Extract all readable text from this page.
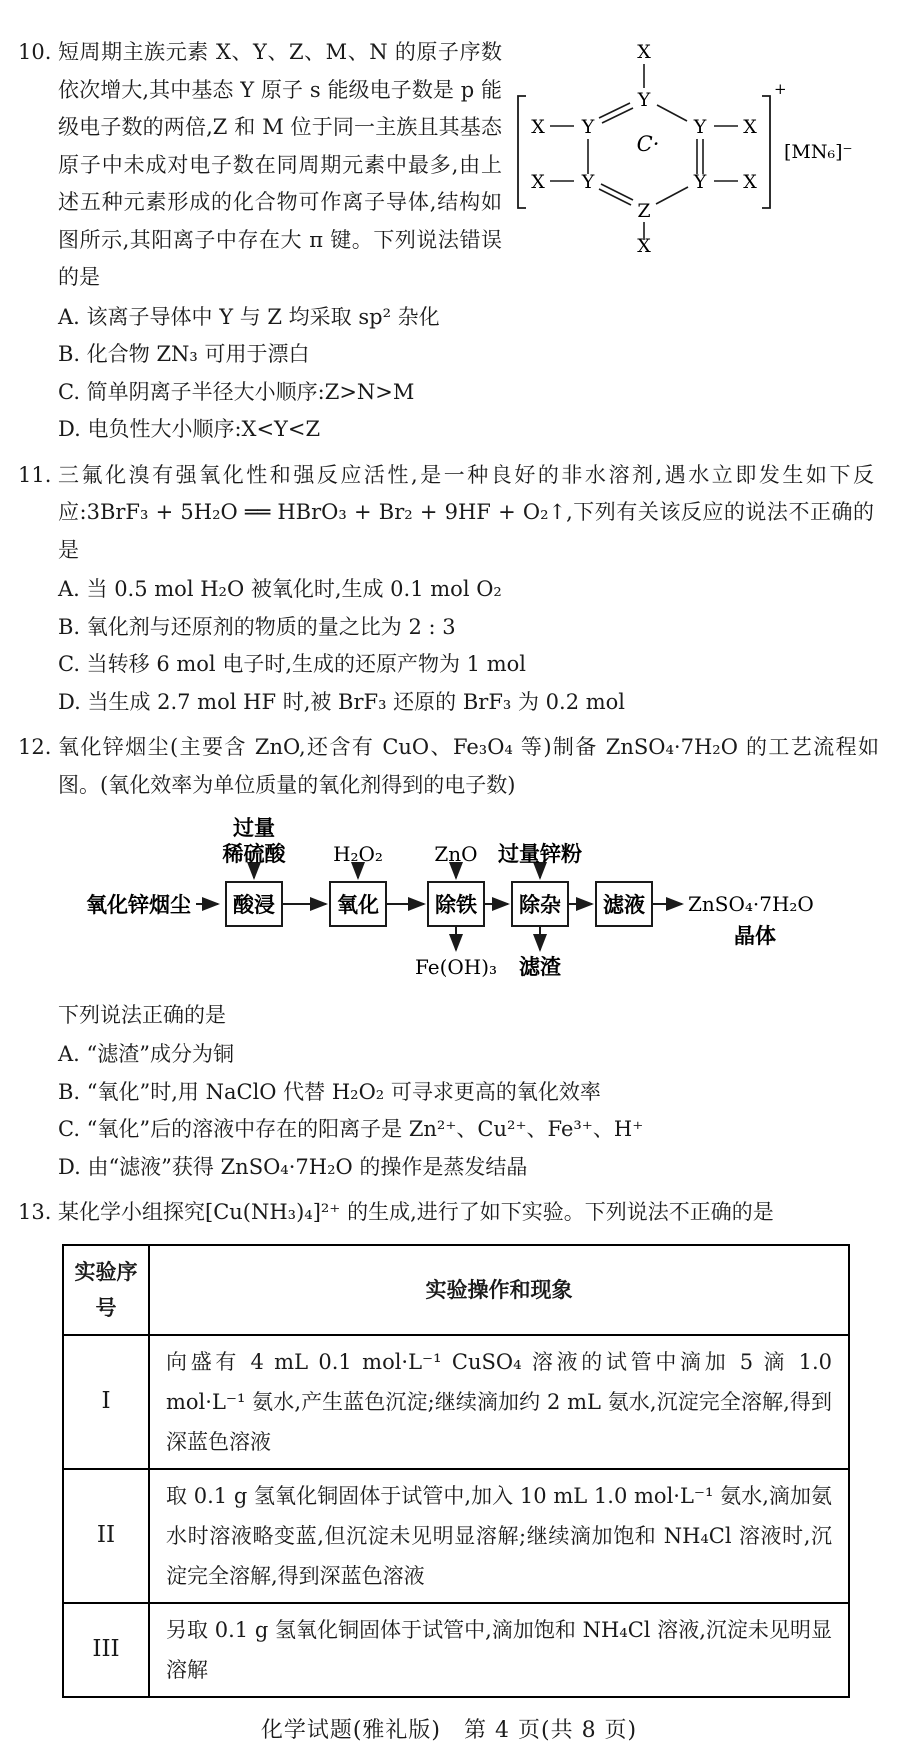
10.	X
Y
X Y	Y X
X Y	Y X
Z
X
C·
+
[MN₆]⁻
短周期主族元素 X、Y、Z、M、N 的原子序数依次增大,其中基态 Y 原子 s 能级电子数是 p 能级电子数的两倍,Z 和 M 位于同一主族且其基态原子中未成对电子数在同周期元素中最多,由上述五种元素形成的化合物可作离子导体,结构如图所示,其阳离子中存在大 π 键。下列说法错误的是
A. 该离子导体中 Y 与 Z 均采取 sp² 杂化
B. 化合物 ZN₃ 可用于漂白
C. 简单阴离子半径大小顺序:Z>N>M
D. 电负性大小顺序:X<Y<Z
11. 三氟化溴有强氧化性和强反应活性,是一种良好的非水溶剂,遇水立即发生如下反应:3BrF₃ + 5H₂O ══ HBrO₃ + Br₂ + 9HF + O₂↑,下列有关该反应的说法不正确的是
A. 当 0.5 mol H₂O 被氧化时,生成 0.1 mol O₂
B. 氧化剂与还原剂的物质的量之比为 2 : 3
C. 当转移 6 mol 电子时,生成的还原产物为 1 mol
D. 当生成 2.7 mol HF 时,被 BrF₃ 还原的 BrF₃ 为 0.2 mol
12. 氧化锌烟尘(主要含 ZnO,还含有 CuO、Fe₃O₄ 等)制备 ZnSO₄·7H₂O 的工艺流程如图。(氧化效率为单位质量的氧化剂得到的电子数)
氧化锌烟尘 酸浸	氧化	除铁 除杂 滤液
过量
稀硫酸 H₂O₂	ZnO 过量锌粉
Fe(OH)₃ 滤渣
ZnSO₄·7H₂O
晶体
下列说法正确的是
A. “滤渣”成分为铜
B. “氧化”时,用 NaClO 代替 H₂O₂ 可寻求更高的氧化效率
C. “氧化”后的溶液中存在的阳离子是 Zn²⁺、Cu²⁺、Fe³⁺、H⁺
D. 由“滤液”获得 ZnSO₄·7H₂O 的操作是蒸发结晶
13. 某化学小组探究[Cu(NH₃)₄]²⁺ 的生成,进行了如下实验。下列说法不正确的是
实验序号	实验操作和现象
I	向盛有 4 mL 0.1 mol·L⁻¹ CuSO₄ 溶液的试管中滴加 5 滴 1.0 mol·L⁻¹ 氨水,产生蓝色沉淀;继续滴加约 2 mL 氨水,沉淀完全溶解,得到深蓝色溶液
II	取 0.1 g 氢氧化铜固体于试管中,加入 10 mL 1.0 mol·L⁻¹ 氨水,滴加氨水时溶液略变蓝,但沉淀未见明显溶解;继续滴加饱和 NH₄Cl 溶液时,沉淀完全溶解,得到深蓝色溶液
III	另取 0.1 g 氢氧化铜固体于试管中,滴加饱和 NH₄Cl 溶液,沉淀未见明显溶解
化学试题(雅礼版)　第 4 页(共 8 页)
